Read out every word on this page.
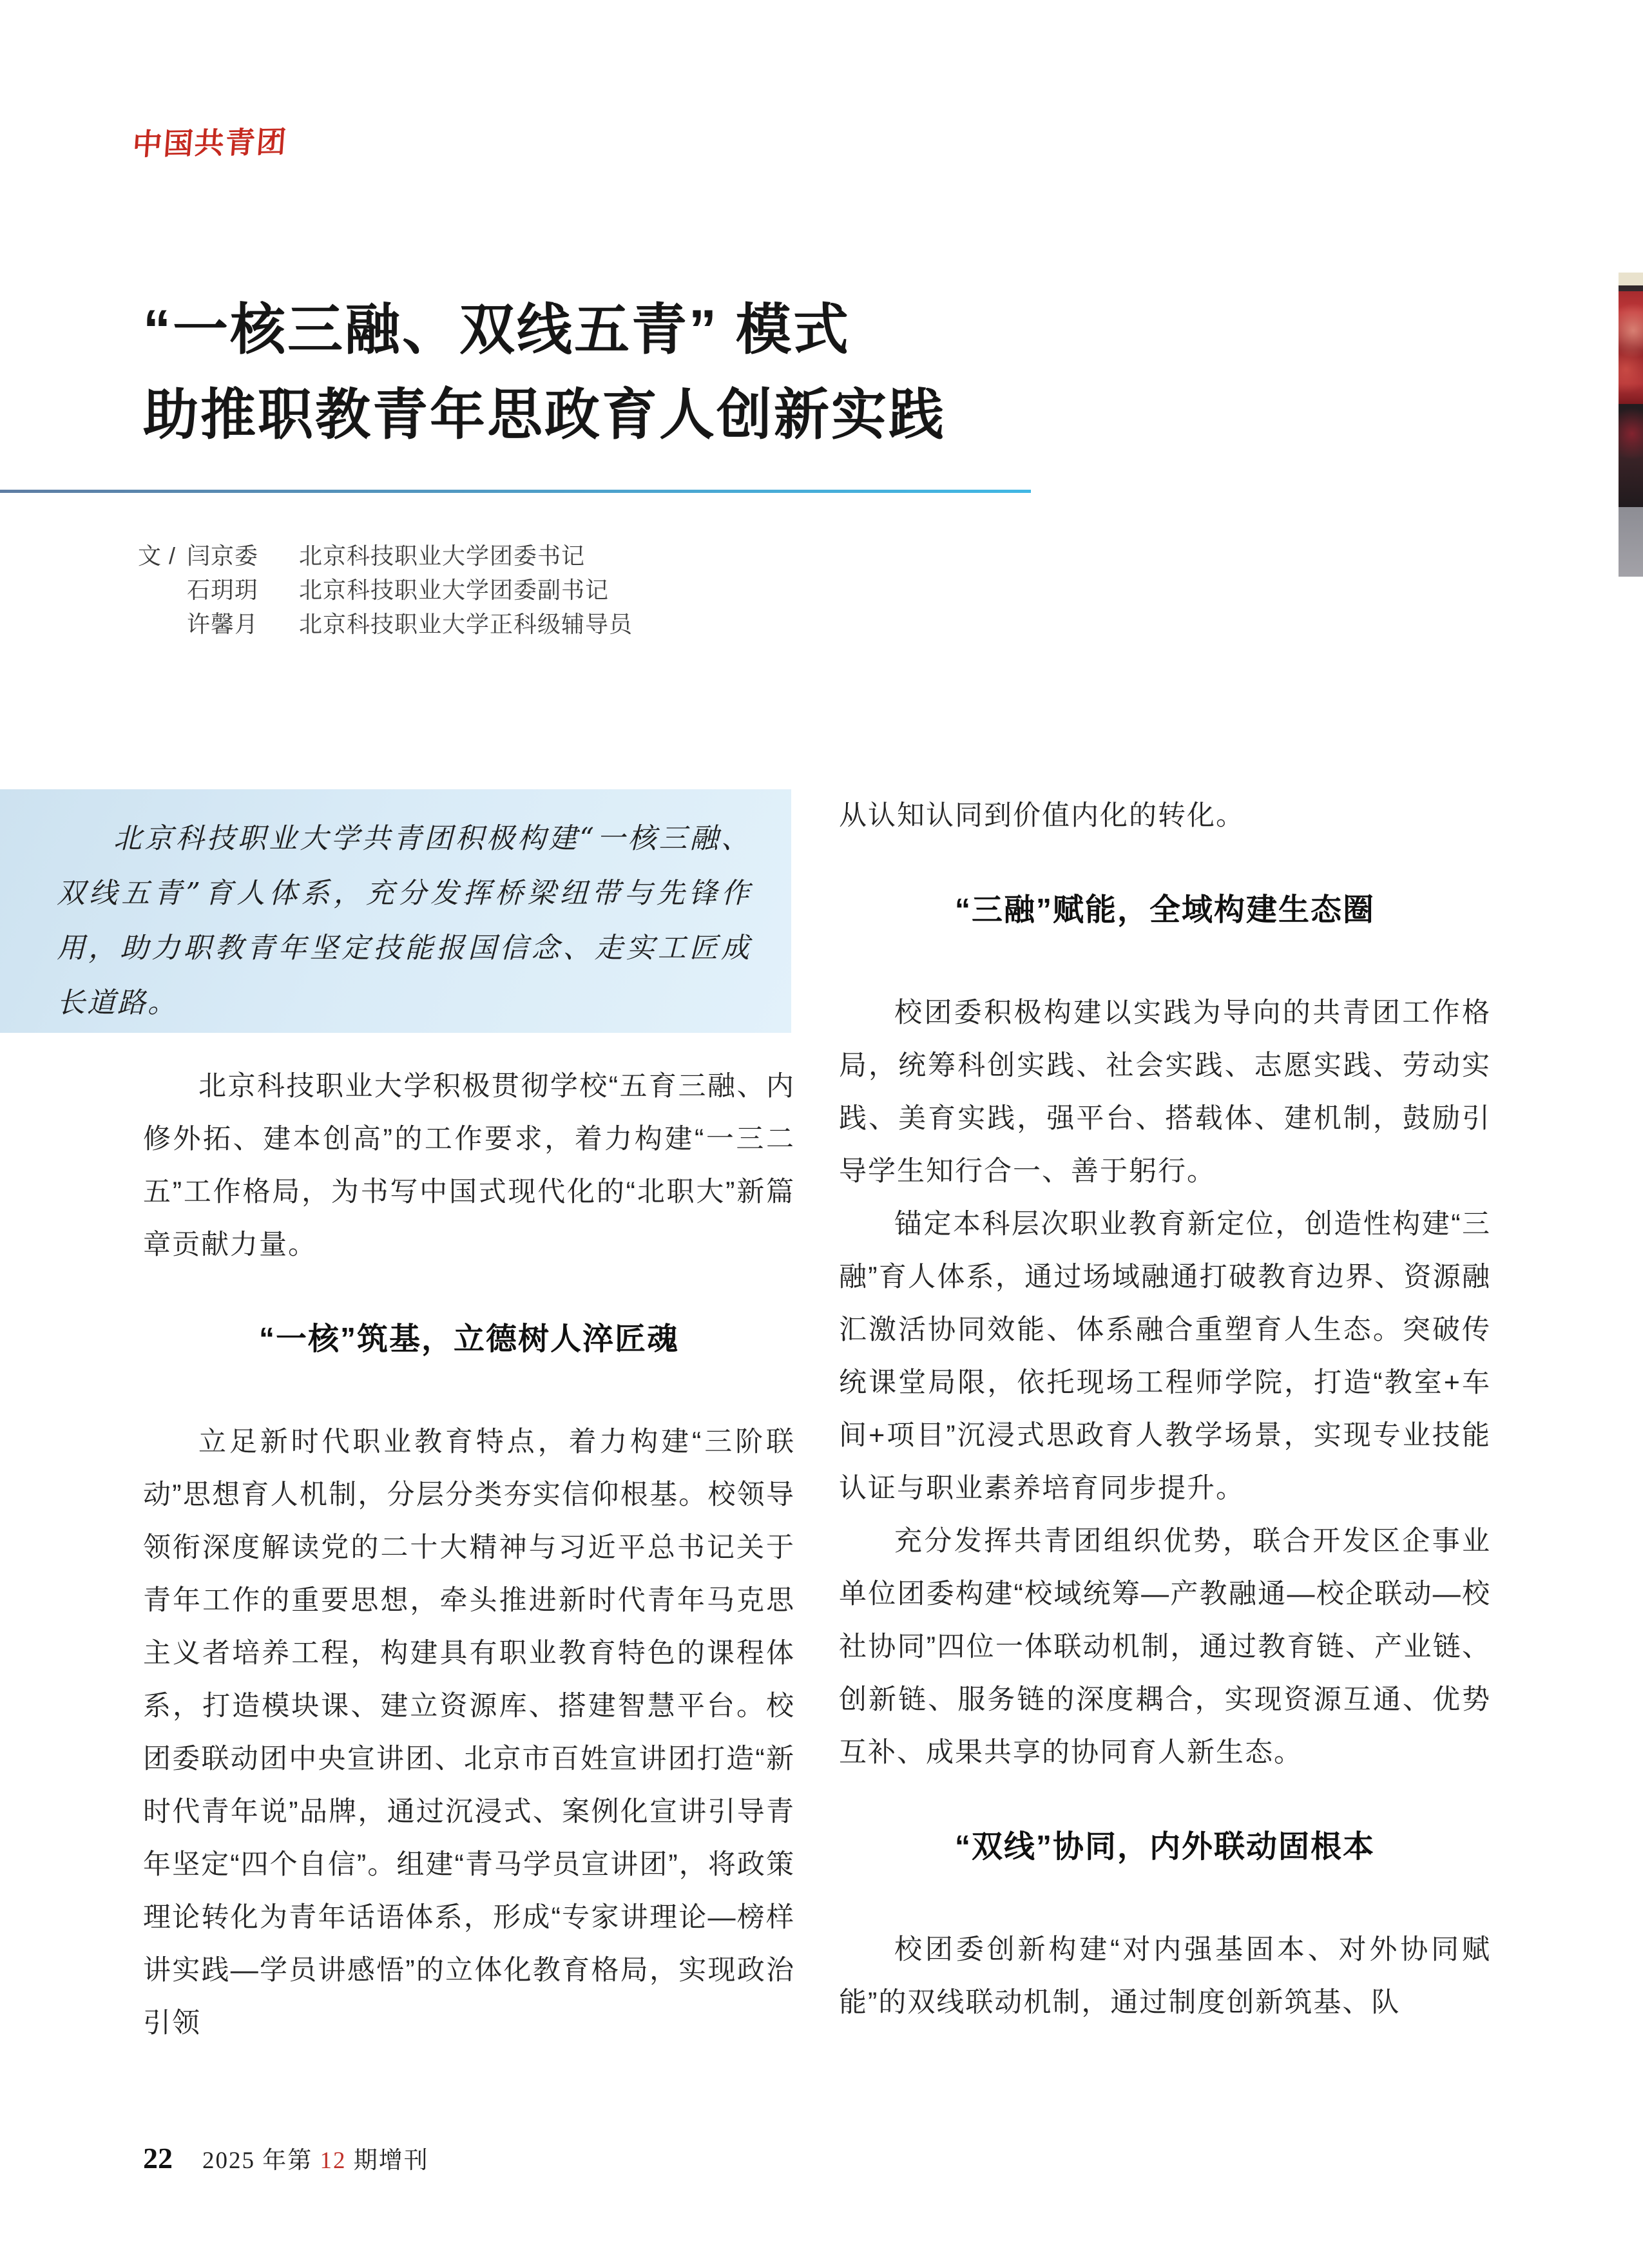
中国共青团
“一核三融、双线五青” 模式
助推职教青年思政育人创新实践
文 / 闫京委	北京科技职业大学团委书记
石玥玥	北京科技职业大学团委副书记
许馨月	北京科技职业大学正科级辅导员
北京科技职业大学共青团积极构建“一核三融、双线五青”育人体系，充分发挥桥梁纽带与先锋作用，助力职教青年坚定技能报国信念、走实工匠成长道路。

北京科技职业大学积极贯彻学校“五育三融、内修外拓、建本创高”的工作要求，着力构建“一三二五”工作格局，为书写中国式现代化的“北职大”新篇章贡献力量。

“一核”筑基，立德树人淬匠魂

立足新时代职业教育特点，着力构建“三阶联动”思想育人机制，分层分类夯实信仰根基。校领导领衔深度解读党的二十大精神与习近平总书记关于青年工作的重要思想，牵头推进新时代青年马克思主义者培养工程，构建具有职业教育特色的课程体系，打造模块课、建立资源库、搭建智慧平台。校团委联动团中央宣讲团、北京市百姓宣讲团打造“新时代青年说”品牌，通过沉浸式、案例化宣讲引导青年坚定“四个自信”。组建“青马学员宣讲团”，将政策理论转化为青年话语体系，形成“专家讲理论—榜样讲实践—学员讲感悟”的立体化教育格局，实现政治引领

从认知认同到价值内化的转化。

“三融”赋能，全域构建生态圈

校团委积极构建以实践为导向的共青团工作格局，统筹科创实践、社会实践、志愿实践、劳动实践、美育实践，强平台、搭载体、建机制，鼓励引导学生知行合一、善于躬行。

锚定本科层次职业教育新定位，创造性构建“三融”育人体系，通过场域融通打破教育边界、资源融汇激活协同效能、体系融合重塑育人生态。突破传统课堂局限，依托现场工程师学院，打造“教室+车间+项目”沉浸式思政育人教学场景，实现专业技能认证与职业素养培育同步提升。

充分发挥共青团组织优势，联合开发区企事业单位团委构建“校域统筹—产教融通—校企联动—校社协同”四位一体联动机制，通过教育链、产业链、创新链、服务链的深度耦合，实现资源互通、优势互补、成果共享的协同育人新生态。

“双线”协同，内外联动固根本

校团委创新构建“对内强基固本、对外协同赋能”的双线联动机制，通过制度创新筑基、队

22 2025 年第 12 期增刊
